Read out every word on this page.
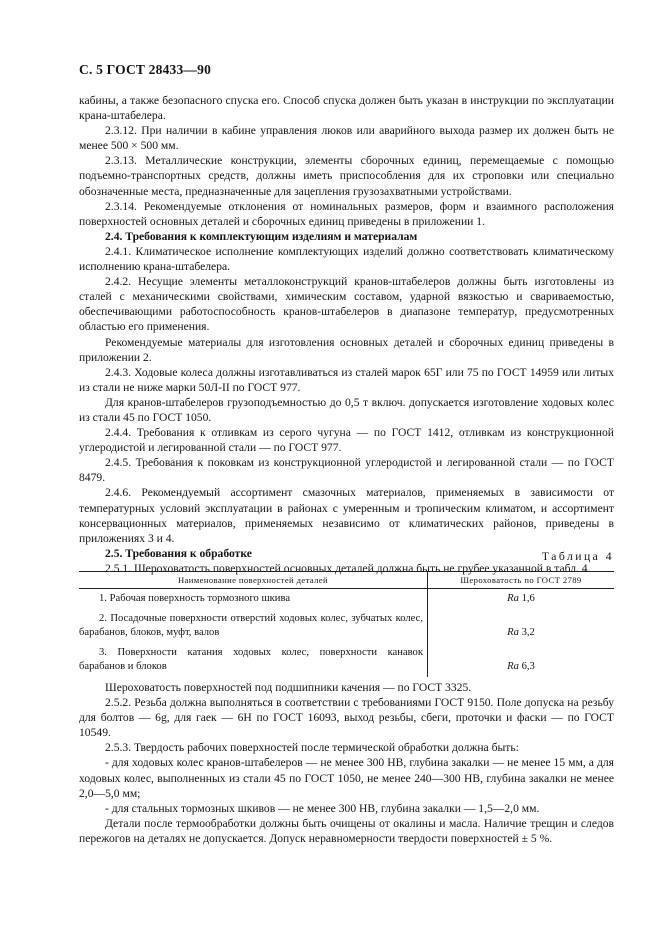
С. 5 ГОСТ 28433—90

кабины, а также безопасного спуска его. Способ спуска должен быть указан в инструкции по эксплуатации крана-штабелера.

2.3.12. При наличии в кабине управления люков или аварийного выхода размер их должен быть не менее 500 × 500 мм.

2.3.13. Металлические конструкции, элементы сборочных единиц, перемещаемые с помощью подъемно-транспортных средств, должны иметь приспособления для их строповки или специально обозначенные места, предназначенные для зацепления грузозахватными устройствами.

2.3.14. Рекомендуемые отклонения от номинальных размеров, форм и взаимного расположения поверхностей основных деталей и сборочных единиц приведены в приложении 1.

2.4. Требования к комплектующим изделиям и материалам

2.4.1. Климатическое исполнение комплектующих изделий должно соответствовать климатическому исполнению крана-штабелера.

2.4.2. Несущие элементы металлоконструкций кранов-штабелеров должны быть изготовлены из сталей с механическими свойствами, химическим составом, ударной вязкостью и свариваемостью, обеспечивающими работоспособность кранов-штабелеров в диапазоне температур, предусмотренных областью его применения.

Рекомендуемые материалы для изготовления основных деталей и сборочных единиц приведены в приложении 2.

2.4.3. Ходовые колеса должны изготавливаться из сталей марок 65Г или 75 по ГОСТ 14959 или литых из стали не ниже марки 50Л-II по ГОСТ 977.

Для кранов-штабелеров грузоподъемностью до 0,5 т включ. допускается изготовление ходовых колес из стали 45 по ГОСТ 1050.

2.4.4. Требования к отливкам из серого чугуна — по ГОСТ 1412, отливкам из конструкционной углеродистой и легированной стали — по ГОСТ 977.

2.4.5. Требования к поковкам из конструкционной углеродистой и легированной стали — по ГОСТ 8479.

2.4.6. Рекомендуемый ассортимент смазочных материалов, применяемых в зависимости от температурных условий эксплуатации в районах с умеренным и тропическим климатом, и ассортимент консервационных материалов, применяемых независимо от климатических районов, приведены в приложениях 3 и 4.

2.5. Требования к обработке

2.5.1. Шероховатость поверхностей основных деталей должна быть не грубее указанной в табл. 4.

Таблица 4
Наименование поверхностей деталей	Шероховатость по ГОСТ 2789
1. Рабочая поверхность тормозного шкива	Ra 1,6
2. Посадочные поверхности отверстий ходовых колес, зубчатых колес, барабанов, блоков, муфт, валов	Ra 3,2
3. Поверхности катания ходовых колес, поверхности канавок барабанов и блоков	Ra 6,3

Шероховатость поверхностей под подшипники качения — по ГОСТ 3325.

2.5.2. Резьба должна выполняться в соответствии с требованиями ГОСТ 9150. Поле допуска на резьбу для болтов — 6g, для гаек — 6Н по ГОСТ 16093, выход резьбы, сбеги, проточки и фаски — по ГОСТ 10549.

2.5.3. Твердость рабочих поверхностей после термической обработки должна быть:

- для ходовых колес кранов-штабелеров — не менее 300 НВ, глубина закалки — не менее 15 мм, а для ходовых колес, выполненных из стали 45 по ГОСТ 1050, не менее 240—300 НВ, глубина закалки не менее 2,0—5,0 мм;

- для стальных тормозных шкивов — не менее 300 НВ, глубина закалки — 1,5—2,0 мм.

Детали после термообработки должны быть очищены от окалины и масла. Наличие трещин и следов пережогов на деталях не допускается. Допуск неравномерности твердости поверхностей ± 5 %.
